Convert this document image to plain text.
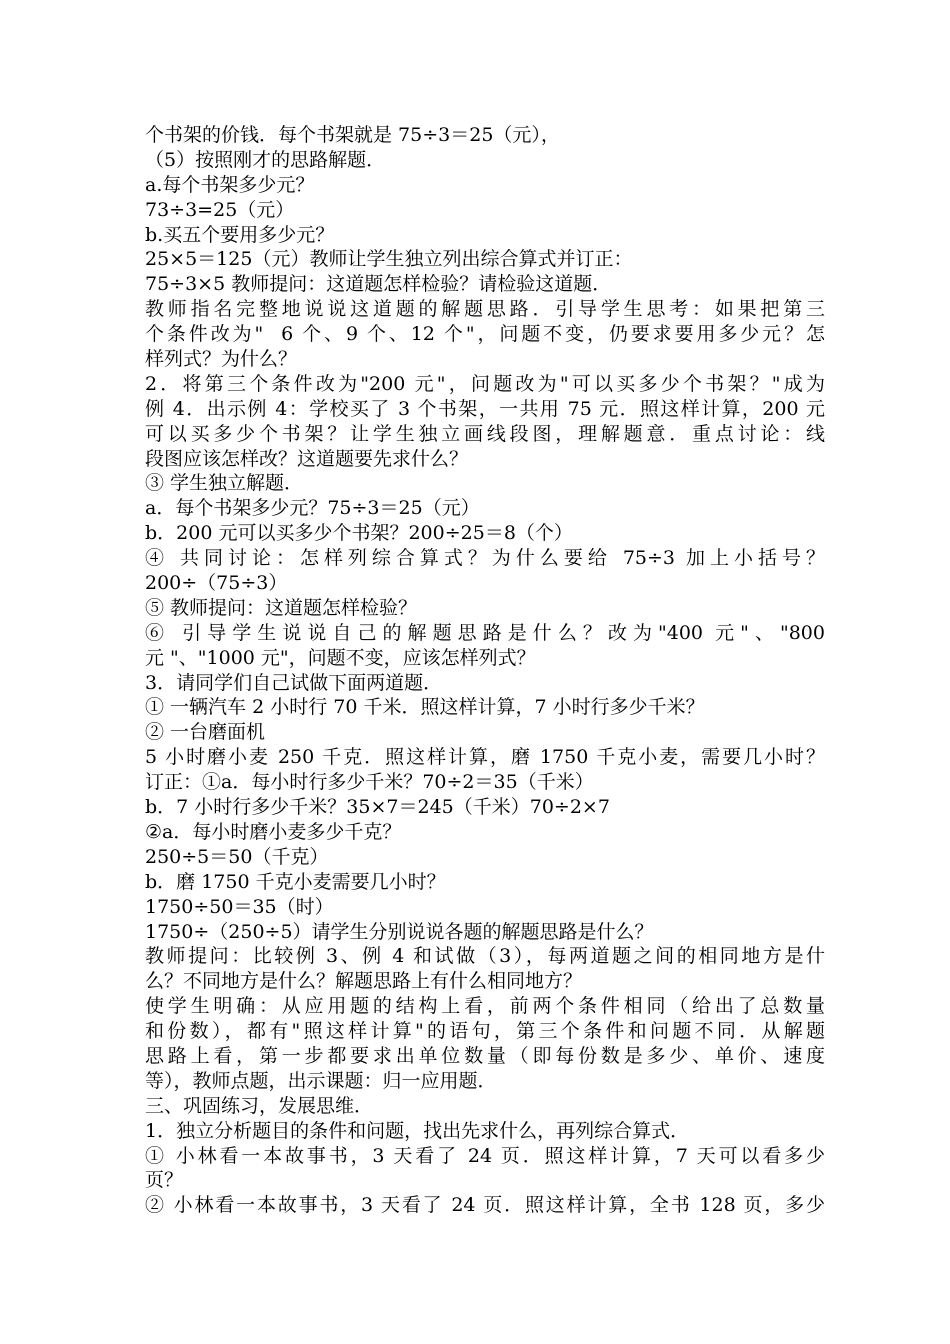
个书架的价钱．每个书架就是 75÷3＝25（元），
（5）按照刚才的思路解题．
a.每个书架多少元？
73÷3=25（元）
b.买五个要用多少元？
25×5＝125（元）教师让学生独立列出综合算式并订正：
75÷3×5 教师提问：这道题怎样检验？请检验这道题．
教师指名完整地说说这道题的解题思路．引导学生思考：如果把第三
个条件改为"  6 个、9 个、12 个"，问题不变，仍要求要用多少元？怎
样列式？为什么？
2．将第三个条件改为"200 元"，问题改为"可以买多少个书架？"成为
例 4．出示例 4：学校买了 3 个书架，一共用 75 元．照这样计算，200 元
可以买多少个书架？让学生独立画线段图，理解题意．重点讨论：线
段图应该怎样改？这道题要先求什么？
③ 学生独立解题．
a．每个书架多少元？75÷3＝25（元）
b．200 元可以买多少个书架？200÷25＝8（个）
④ 共同讨论：怎样列综合算式？为什么要给 75÷3 加上小括号？
200÷（75÷3）
⑤ 教师提问：这道题怎样检验？
⑥ 引导学生说说自己的解题思路是什么？改为"400 元"、"800
元 "、"1000 元"，问题不变，应该怎样列式？
3．请同学们自己试做下面两道题．
① 一辆汽车 2 小时行 70 千米．照这样计算，7 小时行多少千米？
② 一台磨面机
5 小时磨小麦 250 千克．照这样计算，磨 1750 千克小麦，需要几小时？
订正：①a．每小时行多少千米？70÷2＝35（千米）
b．7 小时行多少千米？35×7＝245（千米）70÷2×7
②a．每小时磨小麦多少千克？
250÷5＝50（千克）
b．磨 1750 千克小麦需要几小时？
1750÷50＝35（时）
1750÷（250÷5）请学生分别说说各题的解题思路是什么？
教师提问：比较例 3、例 4 和试做（3），每两道题之间的相同地方是什
么？不同地方是什么？解题思路上有什么相同地方？
使学生明确：从应用题的结构上看，前两个条件相同（给出了总数量
和份数），都有"照这样计算"的语句，第三个条件和问题不同．从解题
思路上看，第一步都要求出单位数量（即每份数是多少、单价、速度
等），教师点题，出示课题：归一应用题．
三、巩固练习，发展思维．
1．独立分析题目的条件和问题，找出先求什么，再列综合算式．
① 小林看一本故事书，3 天看了 24 页．照这样计算，7 天可以看多少
页？
② 小林看一本故事书，3 天看了 24 页．照这样计算，全书 128 页，多少
